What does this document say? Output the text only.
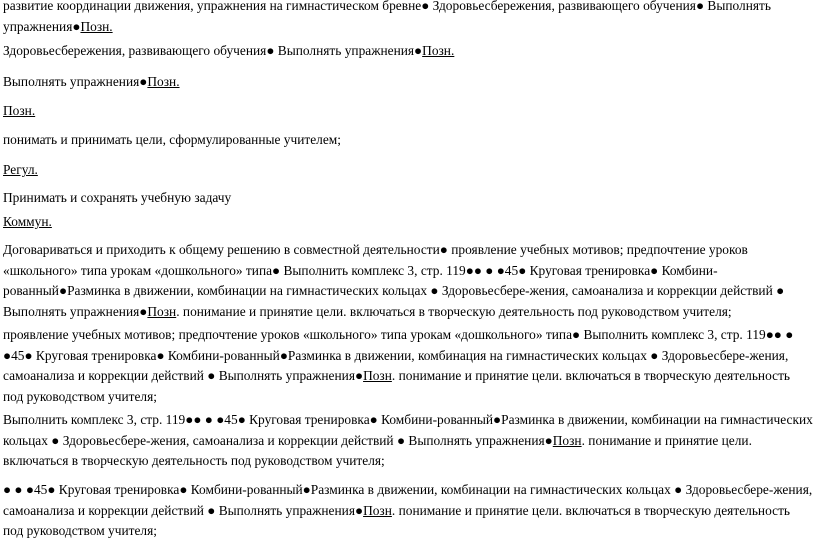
развитие координации движения, упражнения на гимнастическом бревне● Здоровьесбережения, развивающего обучения● Выполнять упражнения●Позн.

Здоровьесбережения, развивающего обучения● Выполнять упражнения●Позн.

Выполнять упражнения●Позн.

Позн.

понимать и принимать цели, сформулированные учителем;

Регул.

Принимать и сохранять учебную задачу

Коммун.

Договариваться и приходить к общему решению в совместной деятельности● проявление учебных мотивов; предпочтение уроков «школьного» типа урокам «дошкольного» типа● Выполнить комплекс 3, стр. 119●● ● ●45● Круговая тренировка● Комбини-рованный●Разминка в движении, комбинации на гимнастических кольцах ● Здоровьесбере-жения, самоанализа и коррекции действий ● Выполнять упражнения●Позн. понимание и принятие цели. включаться в творческую деятельность под руководством учителя;

проявление учебных мотивов; предпочтение уроков «школьного» типа урокам «дошкольного» типа● Выполнить комплекс 3, стр. 119●● ● ●45● Круговая тренировка● Комбини-рованный●Разминка в движении, комбинация на гимнастических кольцах ● Здоровьесбере-жения, самоанализа и коррекции действий ● Выполнять упражнения●Позн. понимание и принятие цели. включаться в творческую деятельность под руководством учителя;

Выполнить комплекс 3, стр. 119●● ● ●45● Круговая тренировка● Комбини-рованный●Разминка в движении, комбинации на гимнастических кольцах ● Здоровьесбере-жения, самоанализа и коррекции действий ● Выполнять упражнения●Позн. понимание и принятие цели. включаться в творческую деятельность под руководством учителя;

● ● ●45● Круговая тренировка● Комбини-рованный●Разминка в движении, комбинации на гимнастических кольцах ● Здоровьесбере-жения, самоанализа и коррекции действий ● Выполнять упражнения●Позн. понимание и принятие цели. включаться в творческую деятельность под руководством учителя;
